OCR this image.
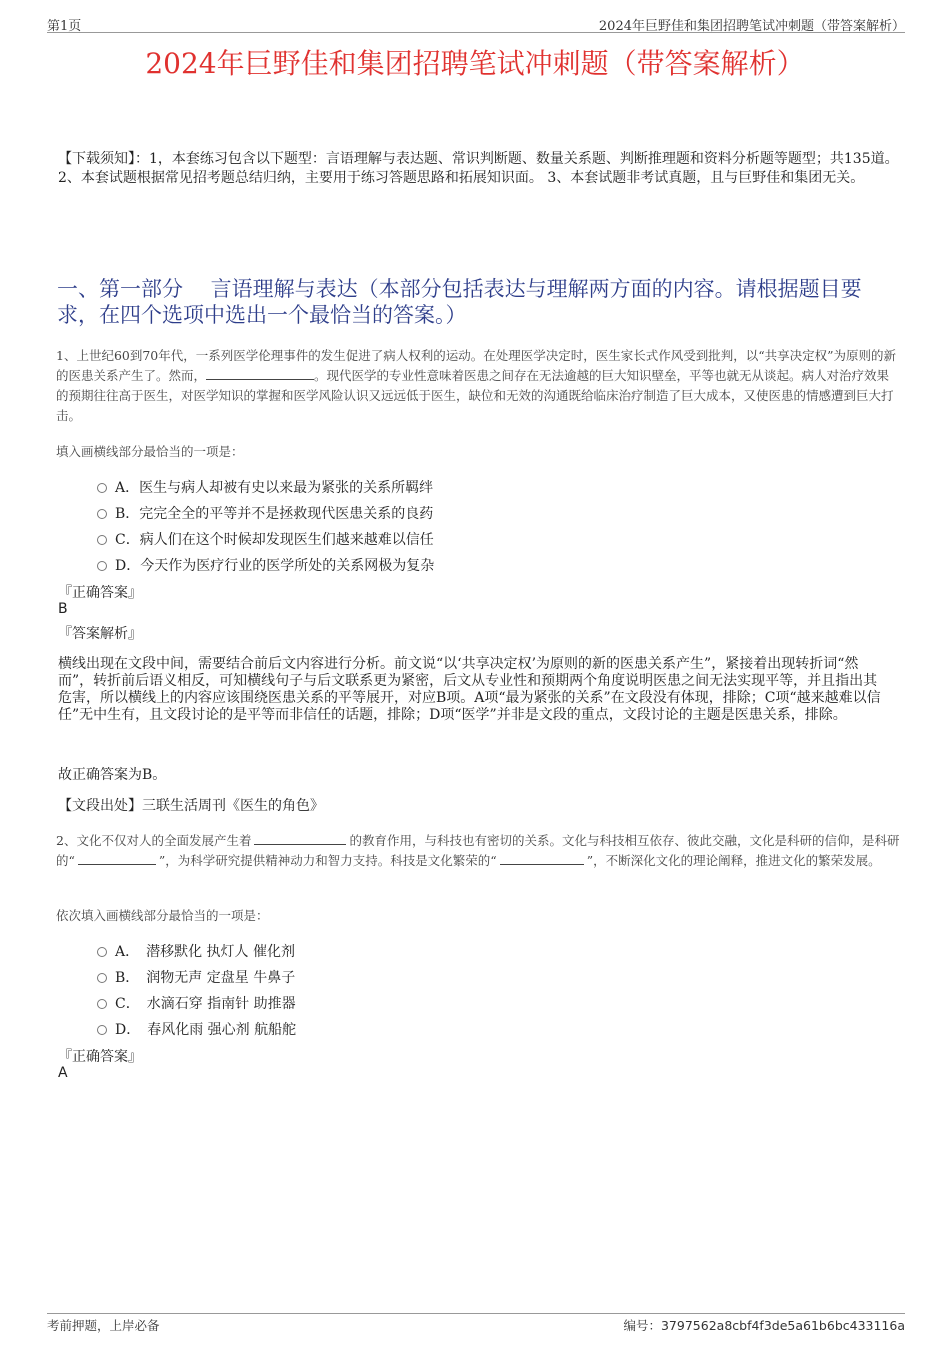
第1页	2024年巨野佳和集团招聘笔试冲刺题（带答案解析）
2024年巨野佳和集团招聘笔试冲刺题（带答案解析）
【下载须知】：1，本套练习包含以下题型：言语理解与表达题、常识判断题、数量关系题、判断推理题和资料分析题等题型；共135道。 2、本套试题根据常见招考题总结归纳，主要用于练习答题思路和拓展知识面。 3、本套试题非考试真题，且与巨野佳和集团无关。
一、第一部分　 言语理解与表达（本部分包括表达与理解两方面的内容。请根据题目要求，在四个选项中选出一个最恰当的答案。）
1、上世纪60到70年代，一系列医学伦理事件的发生促进了病人权利的运动。在处理医学决定时，医生家长式作风受到批判，以“共享决定权”为原则的新的医患关系产生了。然而，	。现代医学的专业性意味着医患之间存在无法逾越的巨大知识壁垒，平等也就无从谈起。病人对治疗效果的预期往往高于医生，对医学知识的掌握和医学风险认识又远远低于医生，缺位和无效的沟通既给临床治疗制造了巨大成本，又使医患的情感遭到巨大打击。
填入画横线部分最恰当的一项是：
A．医生与病人却被有史以来最为紧张的关系所羁绊
B．完完全全的平等并不是拯救现代医患关系的良药
C．病人们在这个时候却发现医生们越来越难以信任
D．今天作为医疗行业的医学所处的关系网极为复杂
『正确答案』
B
『答案解析』
横线出现在文段中间，需要结合前后文内容进行分析。前文说“以‘共享决定权’为原则的新的医患关系产生”，紧接着出现转折词“然而”，转折前后语义相反，可知横线句子与后文联系更为紧密，后文从专业性和预期两个角度说明医患之间无法实现平等，并且指出其危害，所以横线上的内容应该围绕医患关系的平等展开，对应B项。A项“最为紧张的关系”在文段没有体现，排除；C项“越来越难以信任”无中生有，且文段讨论的是平等而非信任的话题，排除；D项“医学”并非是文段的重点，文段讨论的主题是医患关系，排除。
故正确答案为B。
【文段出处】三联生活周刊《医生的角色》
2、文化不仅对人的全面发展产生着	的教育作用，与科技也有密切的关系。文化与科技相互依存、彼此交融，文化是科研的信仰，是科研的“	”，为科学研究提供精神动力和智力支持。科技是文化繁荣的“	”，不断深化文化的理论阐释，推进文化的繁荣发展。
依次填入画横线部分最恰当的一项是：
A．　潜移默化 执灯人 催化剂
B．　润物无声 定盘星 牛鼻子
C．　水滴石穿 指南针 助推器
D．　春风化雨 强心剂 航船舵
『正确答案』
A
考前押题，上岸必备	编号：3797562a8cbf4f3de5a61b6bc433116a
